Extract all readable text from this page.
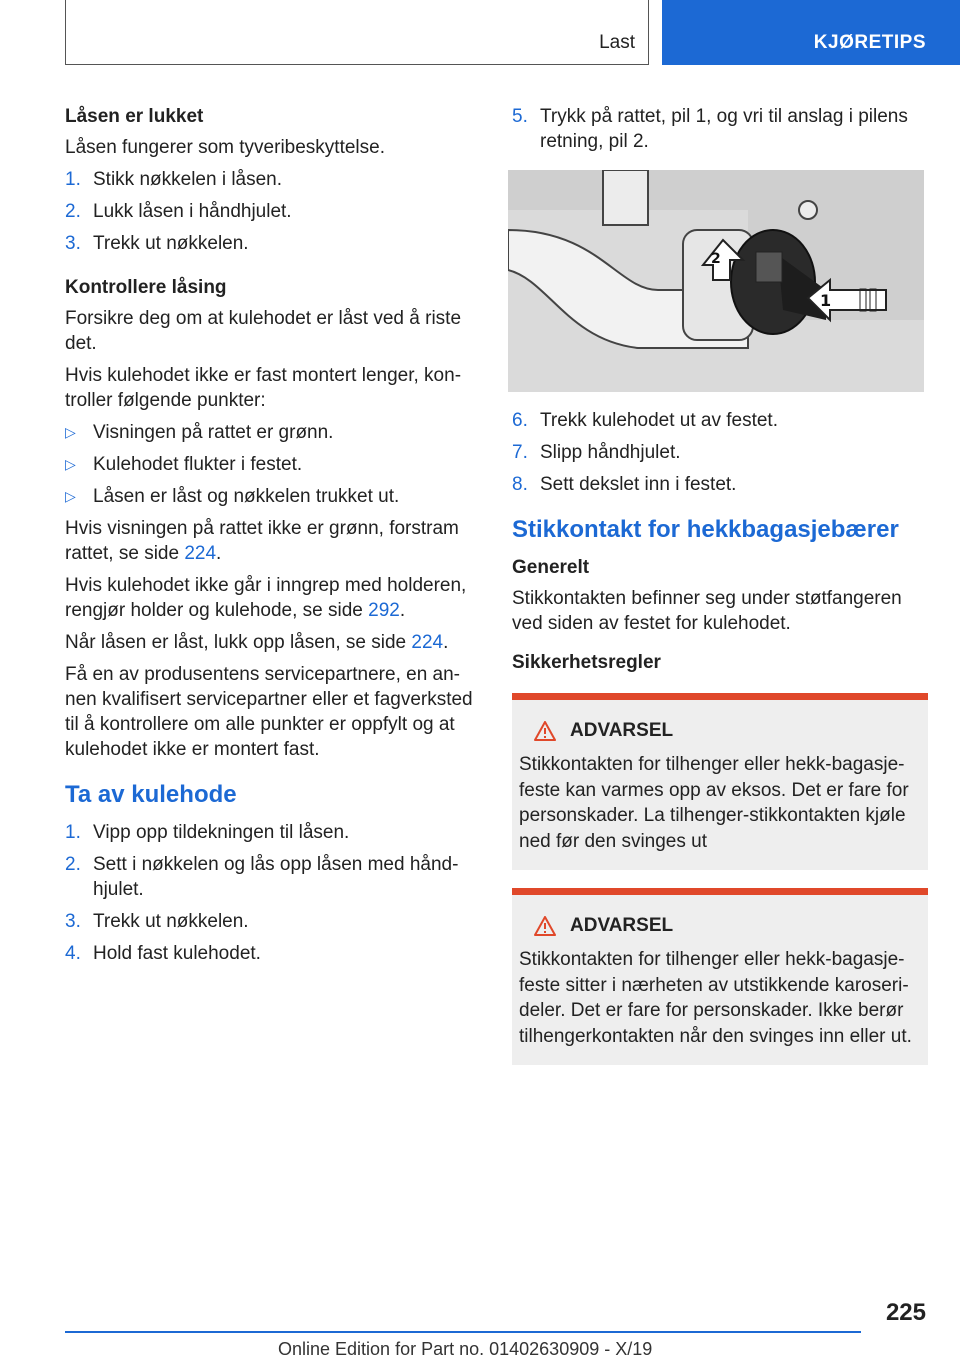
Last	KJØRETIPS
Låsen er lukket

Låsen fungerer som tyveribeskyttelse.

1. Stikk nøkkelen i låsen.
2. Lukk låsen i håndhjulet.
3. Trekk ut nøkkelen.
Kontrollere låsing

Forsikre deg om at kulehodet er låst ved å riste det.

Hvis kulehodet ikke er fast montert lenger, kon-troller følgende punkter:

▷ Visningen på rattet er grønn.
▷ Kulehodet flukter i festet.
▷ Låsen er låst og nøkkelen trukket ut.

Hvis visningen på rattet ikke er grønn, forstram rattet, se side 224.

Hvis kulehodet ikke går i inngrep med holderen, rengjør holder og kulehode, se side 292.

Når låsen er låst, lukk opp låsen, se side 224.

Få en av produsentens servicepartnere, en an-nen kvalifisert servicepartner eller et fagverksted til å kontrollere om alle punkter er oppfylt og at kulehodet ikke er montert fast.

Ta av kulehode
1. Vipp opp tildekningen til låsen.
2. Sett i nøkkelen og lås opp låsen med hånd-hjulet.
3. Trekk ut nøkkelen.
4. Hold fast kulehodet.
5. Trykk på rattet, pil 1, og vri til anslag i pilens retning, pil 2.
2
1
6. Trekk kulehodet ut av festet.
7. Slipp håndhjulet.
8. Sett dekslet inn i festet.
Stikkontakt for hekkbagasjebærer
Generelt

Stikkontakten befinner seg under støtfangeren ved siden av festet for kulehodet.

Sikkerhetsregler
ADVARSEL
Stikkontakten for tilhenger eller hekk-bagasje-feste kan varmes opp av eksos. Det er fare for personskader. La tilhenger-stikkontakten kjøle ned før den svinges ut
ADVARSEL
Stikkontakten for tilhenger eller hekk-bagasje-feste sitter i nærheten av utstikkende karoseri-deler. Det er fare for personskader. Ikke berør tilhengerkontakten når den svinges inn eller ut.
225
Online Edition for Part no. 01402630909 - X/19
